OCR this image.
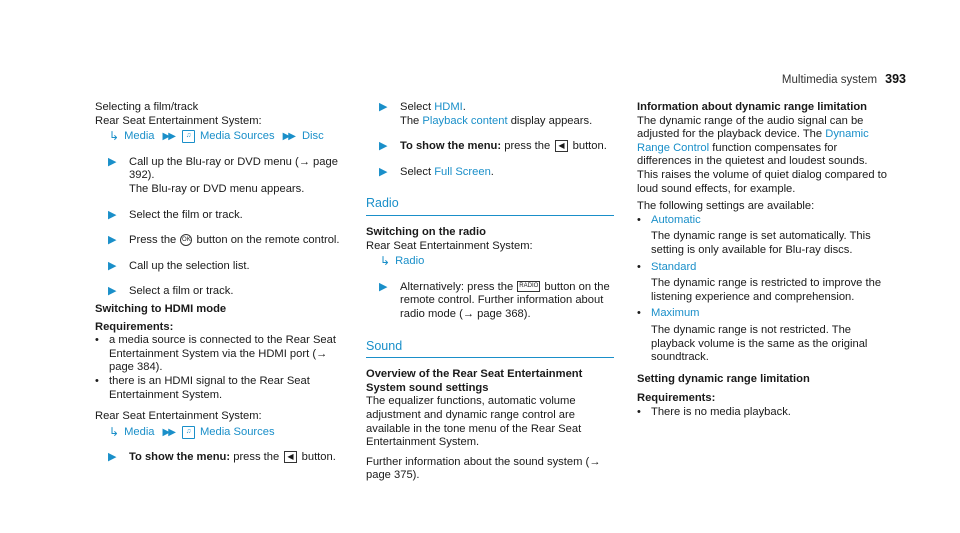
Multimedia system 393
Selecting a film/track
Rear Seat Entertainment System:
↳ Media ▶▶	♫ Media Sources ▶▶ Disc
▶ Call up the Blu-ray or DVD menu (→ page 392).
The Blu-ray or DVD menu appears.
▶ Select the film or track.
▶ Press the OK button on the remote control.
▶ Call up the selection list.
▶ Select a film or track.
Switching to HDMI mode
Requirements:
• a media source is connected to the Rear Seat Entertainment System via the HDMI port (→ page 384).
• there is an HDMI signal to the Rear Seat Entertainment System.
Rear Seat Entertainment System:
↳ Media ▶▶	♫ Media Sources
▶ To show the menu: press the ◀ button.
▶ Select HDMI.
The Playback content display appears.
▶ To show the menu: press the ◀ button.
▶ Select Full Screen.
Radio
Switching on the radio
Rear Seat Entertainment System:
↳ Radio
▶ Alternatively: press the RADIO button on the remote control. Further information about radio mode (→ page 368).
Sound
Overview of the Rear Seat Entertainment System sound settings
The equalizer functions, automatic volume adjustment and dynamic range control are available in the tone menu of the Rear Seat Entertainment System.
Further information about the sound system (→ page 375).
Information about dynamic range limitation
The dynamic range of the audio signal can be adjusted for the playback device. The Dynamic Range Control function compensates for differences in the quietest and loudest sounds. This raises the volume of quiet dialog compared to loud sound effects, for example.
The following settings are available:
• Automatic
The dynamic range is set automatically. This setting is only available for Blu-ray discs.
• Standard
The dynamic range is restricted to improve the listening experience and comprehension.
• Maximum
The dynamic range is not restricted. The playback volume is the same as the original soundtrack.
Setting dynamic range limitation
Requirements:
• There is no media playback.
